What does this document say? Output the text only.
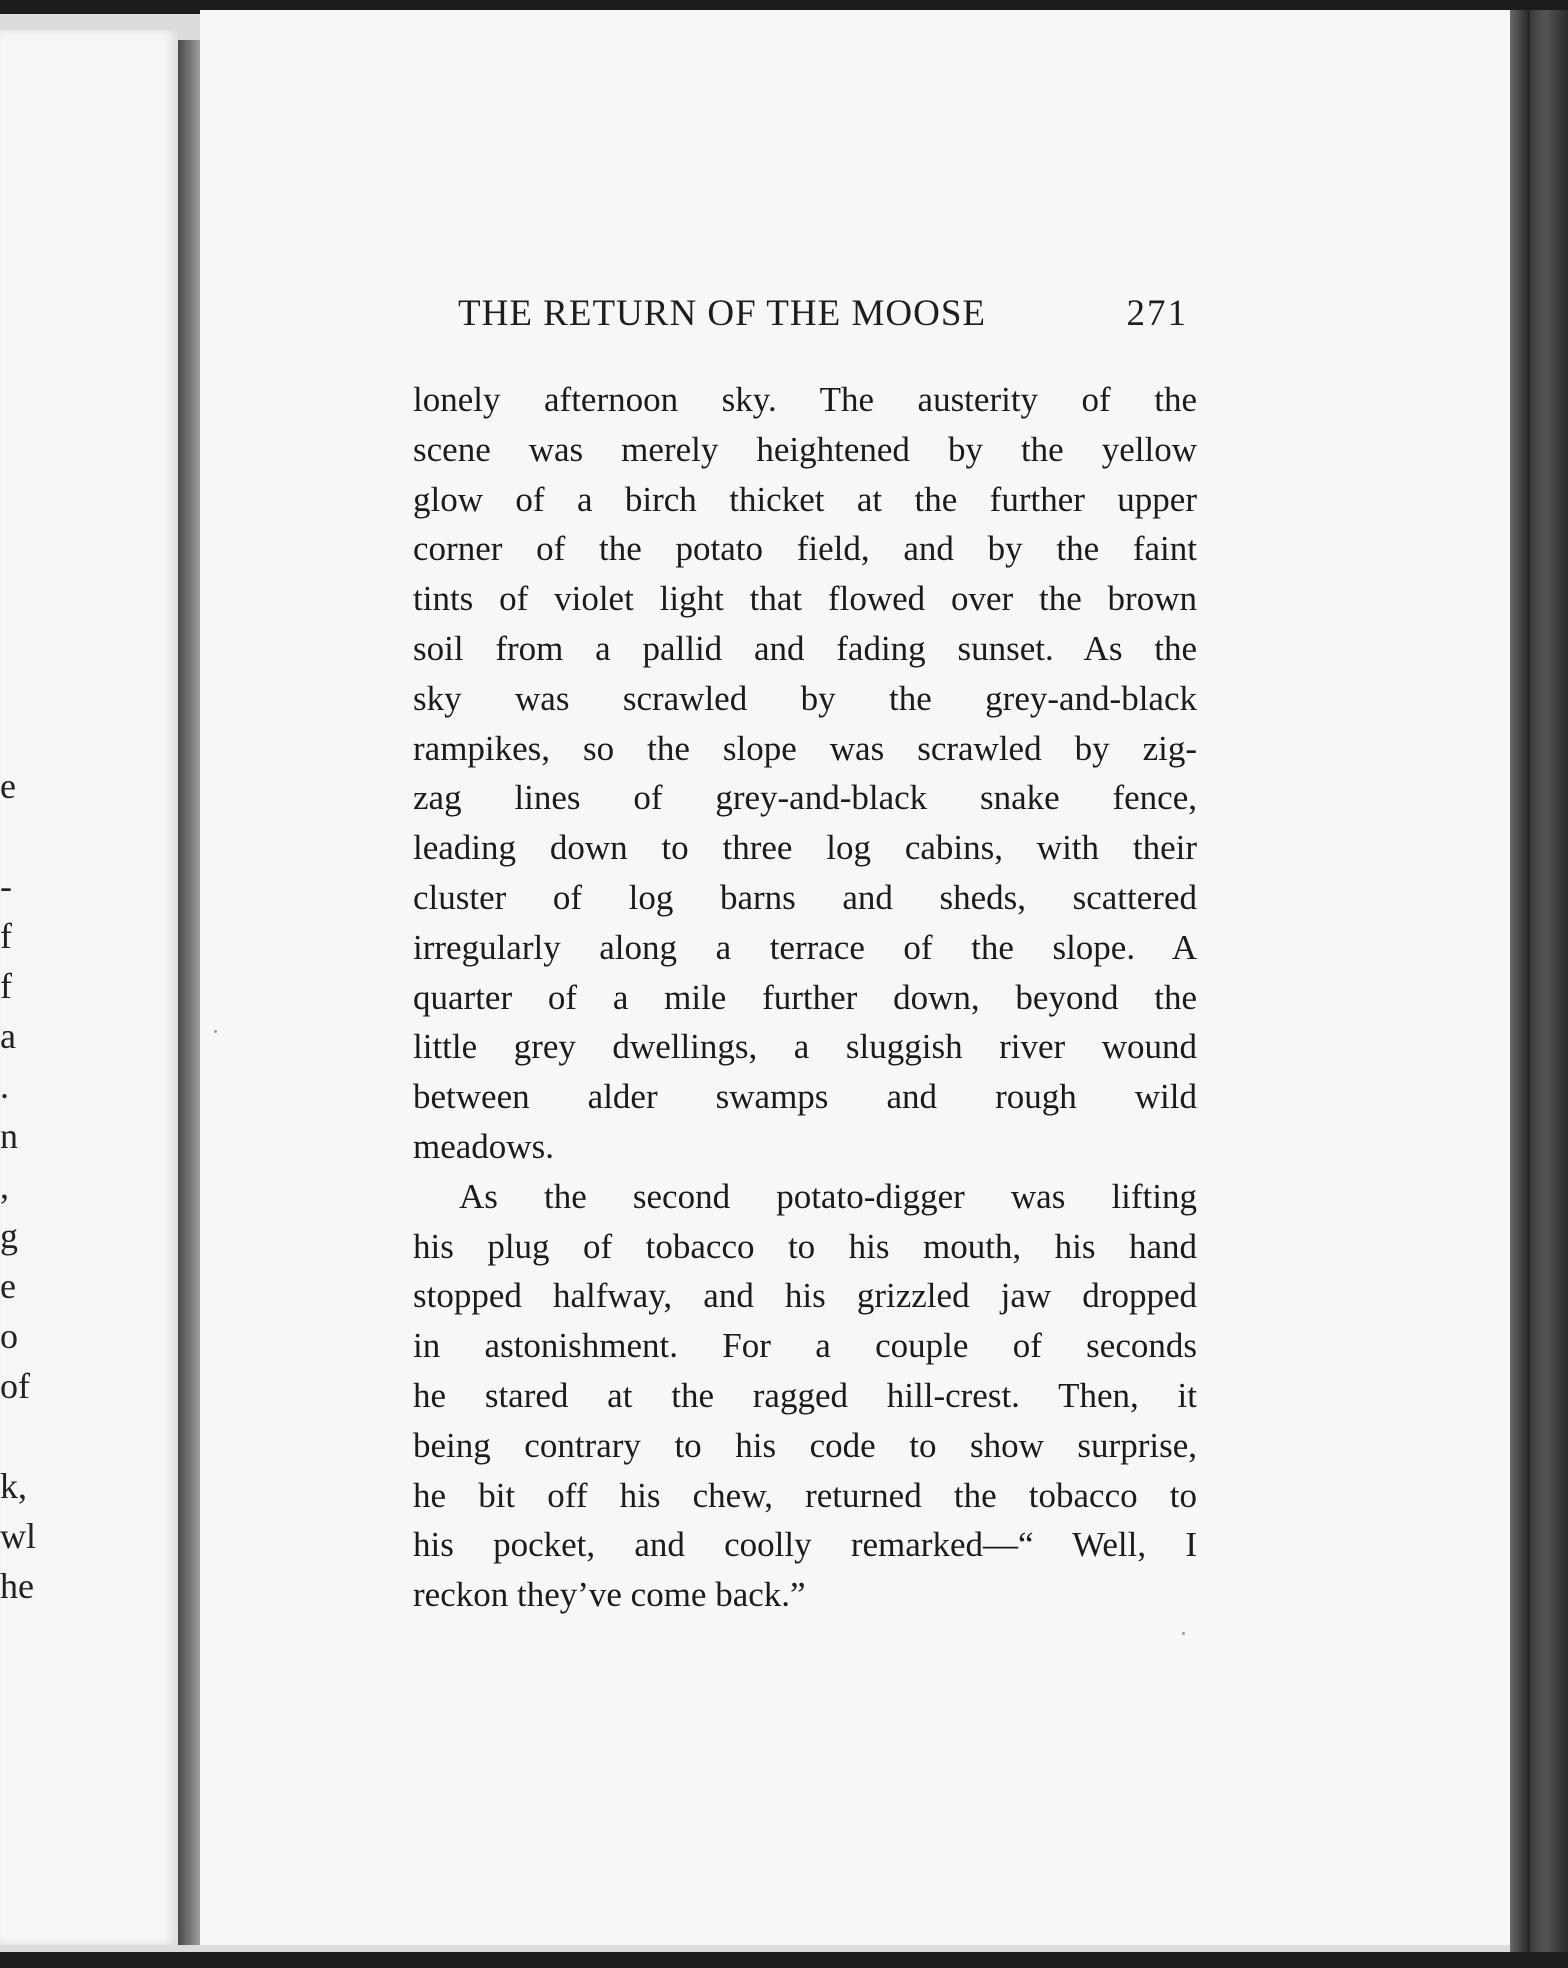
THE RETURN OF THE MOOSE	271
lonely afternoon sky. The austerity of the
scene was merely heightened by the yellow
glow of a birch thicket at the further upper
corner of the potato field, and by the faint
tints of violet light that flowed over the brown
soil from a pallid and fading sunset. As the
sky was scrawled by the grey-and-black
rampikes, so the slope was scrawled by zig-
zag lines of grey-and-black snake fence,
leading down to three log cabins, with their
cluster of log barns and sheds, scattered
irregularly along a terrace of the slope. A
quarter of a mile further down, beyond the
little grey dwellings, a sluggish river wound
between alder swamps and rough wild
meadows.
As the second potato-digger was lifting
his plug of tobacco to his mouth, his hand
stopped halfway, and his grizzled jaw dropped
in astonishment. For a couple of seconds
he stared at the ragged hill-crest. Then, it
being contrary to his code to show surprise,
he bit off his chew, returned the tobacco to
his pocket, and coolly remarked—“ Well, I
reckon they’ve come back.”
e
-
f
f
a
.
n
,
g
e
o
of
k,
wl
he
